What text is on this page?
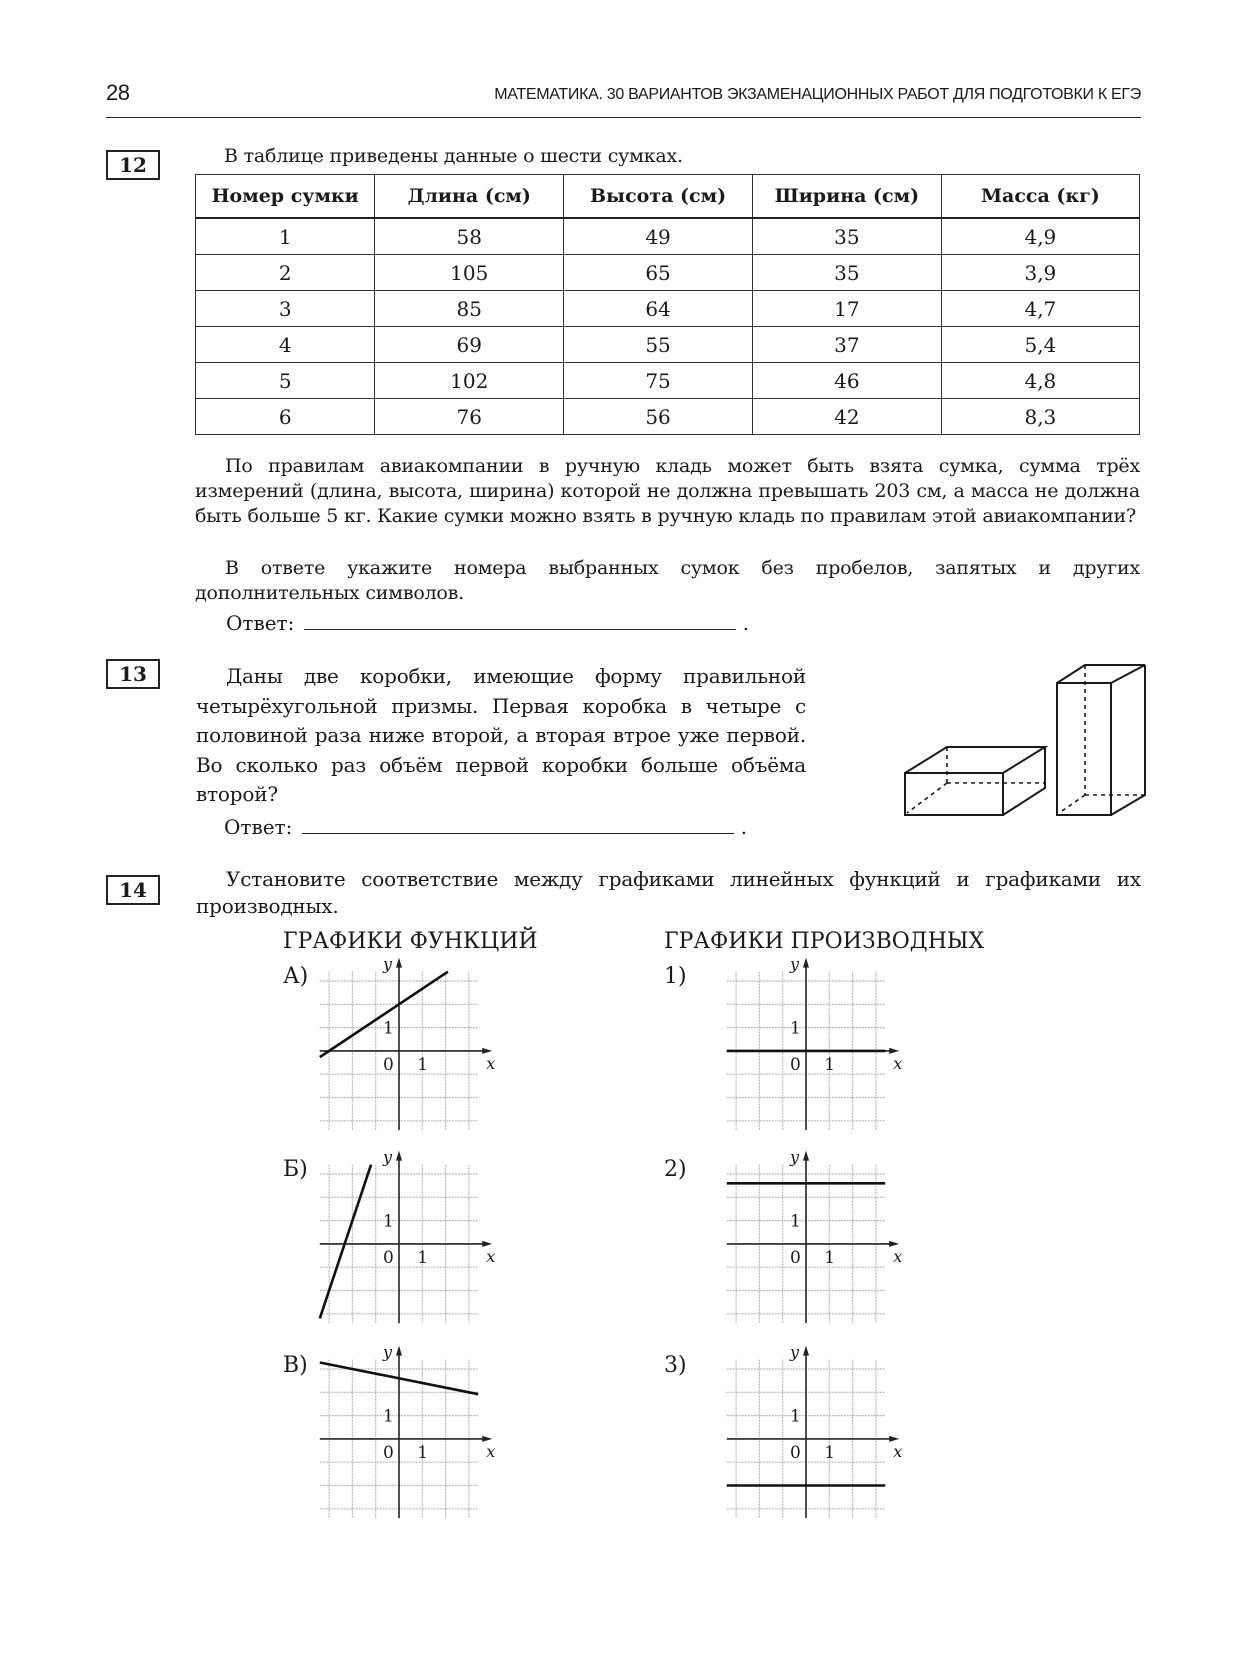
28	МАТЕМАТИКА. 30 ВАРИАНТОВ ЭКЗАМЕНАЦИОННЫХ РАБОТ ДЛЯ ПОДГОТОВКИ К ЕГЭ
12	В таблице приведены данные о шести сумках.
Номер сумки	Длина (см)	Высота (см)	Ширина (см)	Масса (кг)
1	58	49	35	4,9
2	105	65	35	3,9
3	85	64	17	4,7
4	69	55	37	5,4
5	102	75	46	4,8
6	76	56	42	8,3
По правилам авиакомпании в ручную кладь может быть взята сумка, сумма трёх измерений (длина, высота, ширина) которой не должна превышать 203 см, а масса не должна быть больше 5 кг. Какие сумки можно взять в ручную кладь по правилам этой авиакомпании?
В ответе укажите номера выбранных сумок без пробелов, запятых и других дополнительных символов.
Ответ:	.
13	Даны две коробки, имеющие форму правильной четырёхугольной призмы. Первая коробка в четыре с половиной раза ниже второй, а вторая втрое уже первой. Во сколько раз объём первой коробки больше объёма второй?
Ответ:	.
14	Установите соответствие между графиками линейных функций и графиками их производных.
ГРАФИКИ ФУНКЦИЙ	ГРАФИКИ ПРОИЗВОДНЫХ
А)
Б)
В)
1)
2)
3)
y
x
0 1
1
y
x
0 1
1
y
x
0 1
1
y
x
0 1
1
y
x
0 1
1
y
x
0 1
1
